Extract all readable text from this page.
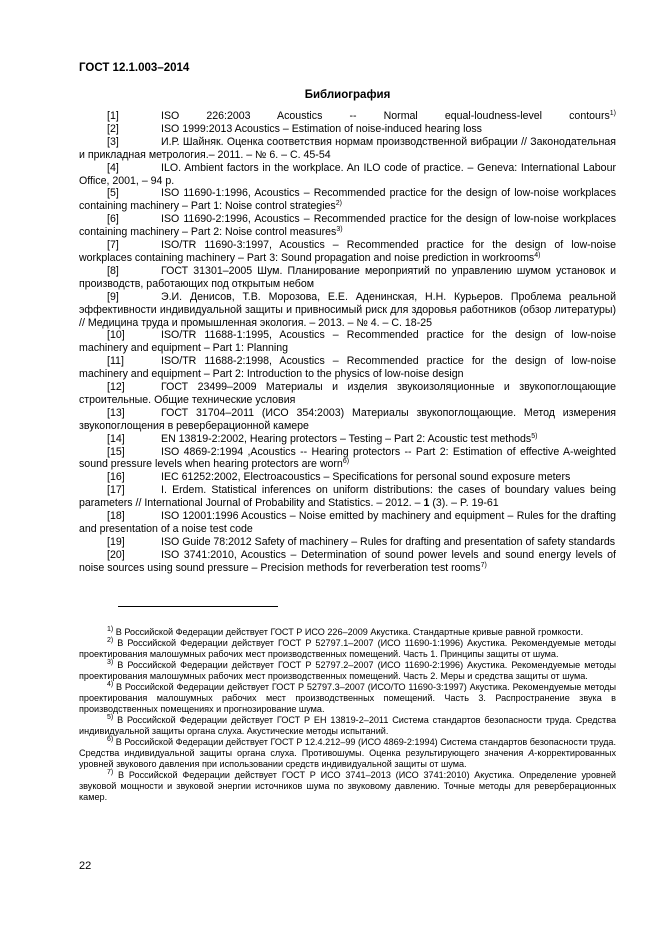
ГОСТ 12.1.003–2014
Библиография

[1]	ISO 226:2003 Acoustics -- Normal equal-loudness-level contours$^{1)}$

[2]	ISO 1999:2013 Acoustics – Estimation of noise-induced hearing loss

[3]	И.Р. Шайняк. Оценка соответствия нормам производственной вибрации // Законодательная и прикладная метрология.– 2011. – № 6. – С. 45-54

[4]	ILO. Ambient factors in the workplace. An ILO code of practice. – Geneva: International Labour Office, 2001, – 94 p.

[5]	ISO 11690-1:1996, Acoustics – Recommended practice for the design of low-noise workplaces containing machinery – Part 1: Noise control strategies$^{2)}$

[6]	ISO 11690-2:1996, Acoustics – Recommended practice for the design of low-noise workplaces containing machinery – Part 2: Noise control measures$^{3)}$

[7]	ISO/TR 11690-3:1997, Acoustics – Recommended practice for the design of low-noise workplaces containing machinery – Part 3: Sound propagation and noise prediction in workrooms$^{4)}$

[8]	ГОСТ 31301–2005 Шум. Планирование мероприятий по управлению шумом установок и производств, работающих под открытым небом

[9]	Э.И. Денисов, Т.В. Морозова, Е.Е. Аденинская, Н.Н. Курьеров. Проблема реальной эффективности индивидуальной защиты и привносимый риск для здоровья работников (обзор литературы) // Медицина труда и промышленная экология. – 2013. – № 4. – С. 18-25

[10]	ISO/TR 11688-1:1995, Acoustics – Recommended practice for the design of low-noise machinery and equipment – Part 1: Planning

[11]	ISO/TR 11688-2:1998, Acoustics – Recommended practice for the design of low-noise machinery and equipment – Part 2: Introduction to the physics of low-noise design

[12]	ГОСТ 23499–2009 Материалы и изделия звукоизоляционные и звукопоглощающие строительные. Общие технические условия

[13]	ГОСТ 31704–2011 (ИСО 354:2003) Материалы звукопоглощающие. Метод измерения звукопоглощения в реверберационной камере

[14]	EN 13819-2:2002, Hearing protectors – Testing – Part 2: Acoustic test methods$^{5)}$

[15]	ISO 4869-2:1994 ,Acoustics -- Hearing protectors -- Part 2: Estimation of effective A-weighted sound pressure levels when hearing protectors are worn$^{6)}$

[16]	IEC 61252:2002, Electroacoustics – Specifications for personal sound exposure meters

[17]	I. Erdem. Statistical inferences on uniform distributions: the cases of boundary values being parameters // International Journal of Probability and Statistics. – 2012. – 1 (3). – P. 19-61

[18]	ISO 12001:1996 Acoustics – Noise emitted by machinery and equipment – Rules for the drafting and presentation of a noise test code

[19]	ISO Guide 78:2012 Safety of machinery – Rules for drafting and presentation of safety standards

[20]	ISO 3741:2010, Acoustics – Determination of sound power levels and sound energy levels of noise sources using sound pressure – Precision methods for reverberation test rooms$^{7)}$

$^{1)}$ В Российской Федерации действует ГОСТ Р ИСО 226–2009 Акустика. Стандартные кривые равной громкости.

$^{2)}$ В Российской Федерации действует ГОСТ Р 52797.1–2007 (ИСО 11690-1:1996) Акустика. Рекомендуемые методы проектирования малошумных рабочих мест производственных помещений. Часть 1. Принципы защиты от шума.

$^{3)}$ В Российской Федерации действует ГОСТ Р 52797.2–2007 (ИСО 11690-2:1996) Акустика. Рекомендуемые методы проектирования малошумных рабочих мест производственных помещений. Часть 2. Меры и средства защиты от шума.

$^{4)}$ В Российской Федерации действует ГОСТ Р 52797.3–2007 (ИСО/ТО 11690-3:1997) Акустика. Рекомендуемые методы проектирования малошумных рабочих мест производственных помещений. Часть 3. Распространение звука в производственных помещениях и прогнозирование шума.

$^{5)}$ В Российской Федерации действует ГОСТ Р ЕН 13819-2–2011 Система стандартов безопасности труда. Средства индивидуальной защиты органа слуха. Акустические методы испытаний.

$^{6)}$ В Российской Федерации действует ГОСТ Р 12.4.212–99 (ИСО 4869-2:1994) Система стандартов безопасности труда. Средства индивидуальной защиты органа слуха. Противошумы. Оценка результирующего значения A-корректированных уровней звукового давления при использовании средств индивидуальной защиты от шума.

$^{7)}$ В Российской Федерации действует ГОСТ Р ИСО 3741–2013 (ИСО 3741:2010) Акустика. Определение уровней звуковой мощности и звуковой энергии источников шума по звуковому давлению. Точные методы для реверберационных камер.

22
